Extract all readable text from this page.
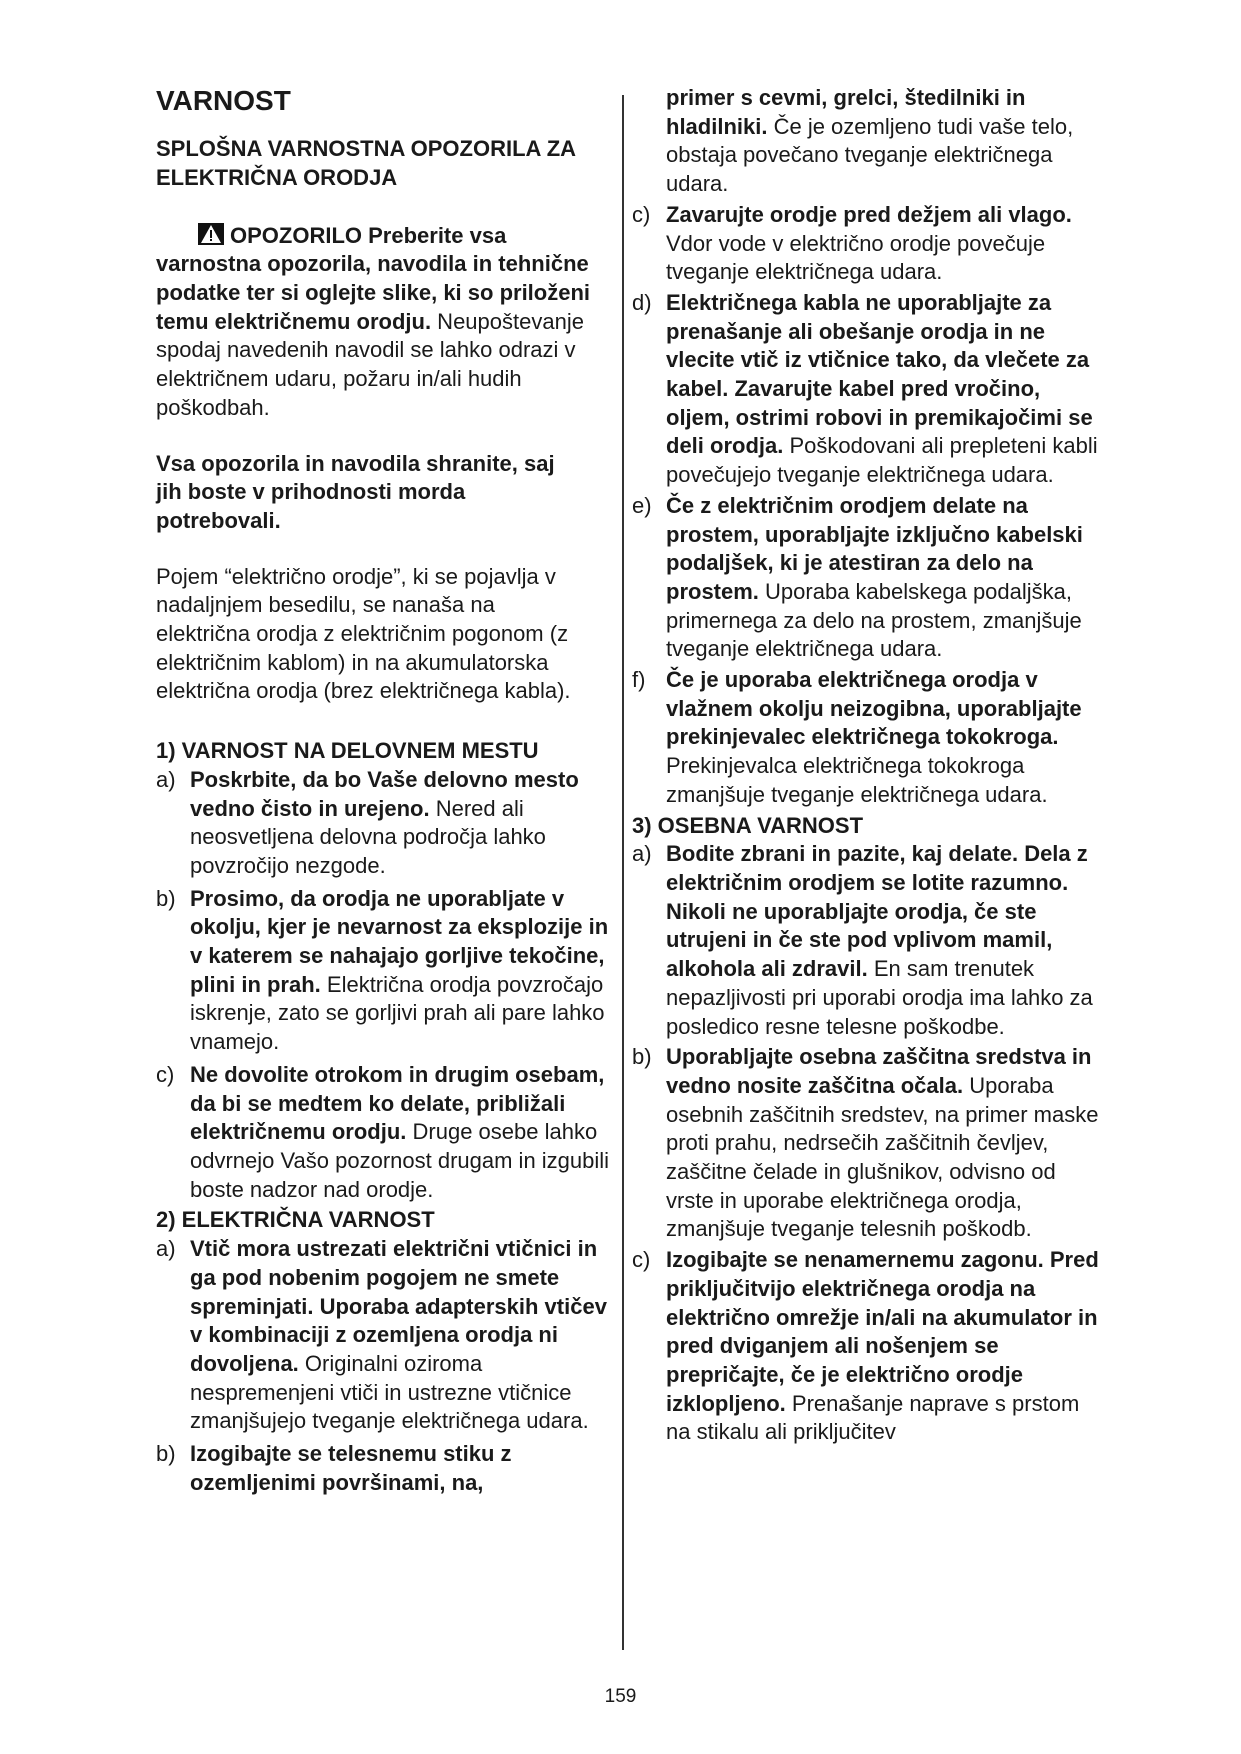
VARNOST
SPLOŠNA VARNOSTNA OPOZORILA ZA ELEKTRIČNA ORODJA

OPOZORILO Preberite vsa varnostna opozorila, navodila in tehnične podatke ter si oglejte slike, ki so priloženi temu električnemu orodju. Neupoštevanje spodaj navedenih navodil se lahko odrazi v električnem udaru, požaru in/ali hudih poškodbah.

Vsa opozorila in navodila shranite, saj jih boste v prihodnosti morda potrebovali.

Pojem “električno orodje”, ki se pojavlja v nadaljnjem besedilu, se nanaša na električna orodja z električnim pogonom (z električnim kablom) in na akumulatorska električna orodja (brez električnega kabla).

1) VARNOST NA DELOVNEM MESTU

a) Poskrbite, da bo Vaše delovno mesto vedno čisto in urejeno. Nered ali neosvetljena delovna področja lahko povzročijo nezgode.
b) Prosimo, da orodja ne uporabljate v okolju, kjer je nevarnost za eksplozije in v katerem se nahajajo gorljive tekočine, plini in prah. Električna orodja povzročajo iskrenje, zato se gorljivi prah ali pare lahko vnamejo.
c) Ne dovolite otrokom in drugim osebam, da bi se medtem ko delate, približali električnemu orodju. Druge osebe lahko odvrnejo Vašo pozornost drugam in izgubili boste nadzor nad orodje.

2) ELEKTRIČNA VARNOST

a) Vtič mora ustrezati električni vtičnici in ga pod nobenim pogojem ne smete spreminjati. Uporaba adapterskih vtičev v kombinaciji z ozemljena orodja ni dovoljena. Originalni oziroma nespremenjeni vtiči in ustrezne vtičnice zmanjšujejo tveganje električnega udara.
b) Izogibajte se telesnemu stiku z ozemljenimi površinami, na,

primer s cevmi, grelci, štedilniki in hladilniki. Če je ozemljeno tudi vaše telo, obstaja povečano tveganje električnega udara.

c) Zavarujte orodje pred dežjem ali vlago. Vdor vode v električno orodje povečuje tveganje električnega udara.
d) Električnega kabla ne uporabljajte za prenašanje ali obešanje orodja in ne vlecite vtič iz vtičnice tako, da vlečete za kabel. Zavarujte kabel pred vročino, oljem, ostrimi robovi in premikajočimi se deli orodja. Poškodovani ali prepleteni kabli povečujejo tveganje električnega udara.
e) Če z električnim orodjem delate na prostem, uporabljajte izključno kabelski podaljšek, ki je atestiran za delo na prostem. Uporaba kabelskega podaljška, primernega za delo na prostem, zmanjšuje tveganje električnega udara.
f) Če je uporaba električnega orodja v vlažnem okolju neizogibna, uporabljajte prekinjevalec električnega tokokroga. Prekinjevalca električnega tokokroga zmanjšuje tveganje električnega udara.

3) OSEBNA VARNOST

a) Bodite zbrani in pazite, kaj delate. Dela z električnim orodjem se lotite razumno. Nikoli ne uporabljajte orodja, če ste utrujeni in če ste pod vplivom mamil, alkohola ali zdravil. En sam trenutek nepazljivosti pri uporabi orodja ima lahko za posledico resne telesne poškodbe.
b) Uporabljajte osebna zaščitna sredstva in vedno nosite zaščitna očala. Uporaba osebnih zaščitnih sredstev, na primer maske proti prahu, nedrsečih zaščitnih čevljev, zaščitne čelade in glušnikov, odvisno od vrste in uporabe električnega orodja, zmanjšuje tveganje telesnih poškodb.
c) Izogibajte se nenamernemu zagonu. Pred priključitvijo električnega orodja na električno omrežje in/ali na akumulator in pred dviganjem ali nošenjem se prepričajte, če je električno orodje izklopljeno. Prenašanje naprave s prstom na stikalu ali priključitev
159
